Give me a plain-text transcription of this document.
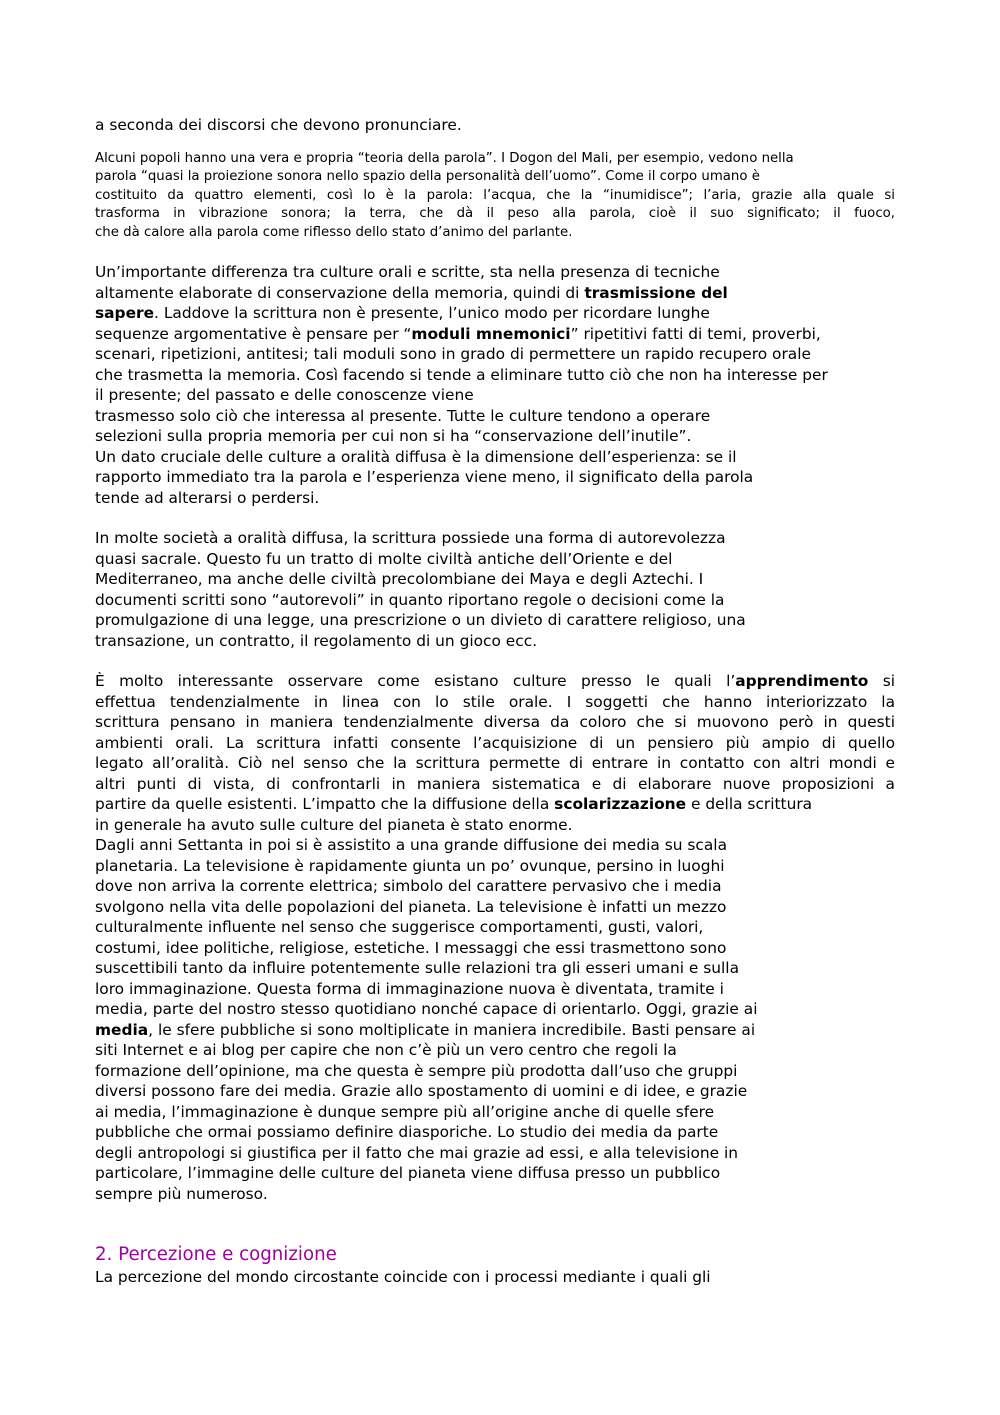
a seconda dei discorsi che devono pronunciare.
Alcuni popoli hanno una vera e propria “teoria della parola”. I Dogon del Mali, per esempio, vedono nella
parola “quasi la proiezione sonora nello spazio della personalità dell’uomo”. Come il corpo umano è
costituito da quattro elementi, così lo è la parola: l’acqua, che la “inumidisce”; l’aria, grazie alla quale si
trasforma in vibrazione sonora; la terra, che dà il peso alla parola, cioè il suo significato; il fuoco,
che dà calore alla parola come riflesso dello stato d’animo del parlante.
Un’importante differenza tra culture orali e scritte, sta nella presenza di tecniche
altamente elaborate di conservazione della memoria, quindi di trasmissione del
sapere. Laddove la scrittura non è presente, l’unico modo per ricordare lunghe
sequenze argomentative è pensare per “moduli mnemonici” ripetitivi fatti di temi, proverbi,
scenari, ripetizioni, antitesi; tali moduli sono in grado di permettere un rapido recupero orale
che trasmetta la memoria. Così facendo si tende a eliminare tutto ciò che non ha interesse per
il presente; del passato e delle conoscenze viene
trasmesso solo ciò che interessa al presente. Tutte le culture tendono a operare
selezioni sulla propria memoria per cui non si ha “conservazione dell’inutile”.
Un dato cruciale delle culture a oralità diffusa è la dimensione dell’esperienza: se il
rapporto immediato tra la parola e l’esperienza viene meno, il significato della parola
tende ad alterarsi o perdersi.
In molte società a oralità diffusa, la scrittura possiede una forma di autorevolezza
quasi sacrale. Questo fu un tratto di molte civiltà antiche dell’Oriente e del
Mediterraneo, ma anche delle civiltà precolombiane dei Maya e degli Aztechi. I
documenti scritti sono “autorevoli” in quanto riportano regole o decisioni come la
promulgazione di una legge, una prescrizione o un divieto di carattere religioso, una
transazione, un contratto, il regolamento di un gioco ecc.
È molto interessante osservare come esistano culture presso le quali l’apprendimento si
effettua tendenzialmente in linea con lo stile orale. I soggetti che hanno interiorizzato la
scrittura pensano in maniera tendenzialmente diversa da coloro che si muovono però in questi
ambienti orali. La scrittura infatti consente l’acquisizione di un pensiero più ampio di quello
legato all’oralità. Ciò nel senso che la scrittura permette di entrare in contatto con altri mondi e
altri punti di vista, di confrontarli in maniera sistematica e di elaborare nuove proposizioni a
partire da quelle esistenti. L’impatto che la diffusione della scolarizzazione e della scrittura
in generale ha avuto sulle culture del pianeta è stato enorme.
Dagli anni Settanta in poi si è assistito a una grande diffusione dei media su scala
planetaria. La televisione è rapidamente giunta un po’ ovunque, persino in luoghi
dove non arriva la corrente elettrica; simbolo del carattere pervasivo che i media
svolgono nella vita delle popolazioni del pianeta. La televisione è infatti un mezzo
culturalmente influente nel senso che suggerisce comportamenti, gusti, valori,
costumi, idee politiche, religiose, estetiche. I messaggi che essi trasmettono sono
suscettibili tanto da influire potentemente sulle relazioni tra gli esseri umani e sulla
loro immaginazione. Questa forma di immaginazione nuova è diventata, tramite i
media, parte del nostro stesso quotidiano nonché capace di orientarlo. Oggi, grazie ai
media, le sfere pubbliche si sono moltiplicate in maniera incredibile. Basti pensare ai
siti Internet e ai blog per capire che non c’è più un vero centro che regoli la
formazione dell’opinione, ma che questa è sempre più prodotta dall’uso che gruppi
diversi possono fare dei media. Grazie allo spostamento di uomini e di idee, e grazie
ai media, l’immaginazione è dunque sempre più all’origine anche di quelle sfere
pubbliche che ormai possiamo definire diasporiche. Lo studio dei media da parte
degli antropologi si giustifica per il fatto che mai grazie ad essi, e alla televisione in
particolare, l’immagine delle culture del pianeta viene diffusa presso un pubblico
sempre più numeroso.
2. Percezione e cognizione
La percezione del mondo circostante coincide con i processi mediante i quali gli
